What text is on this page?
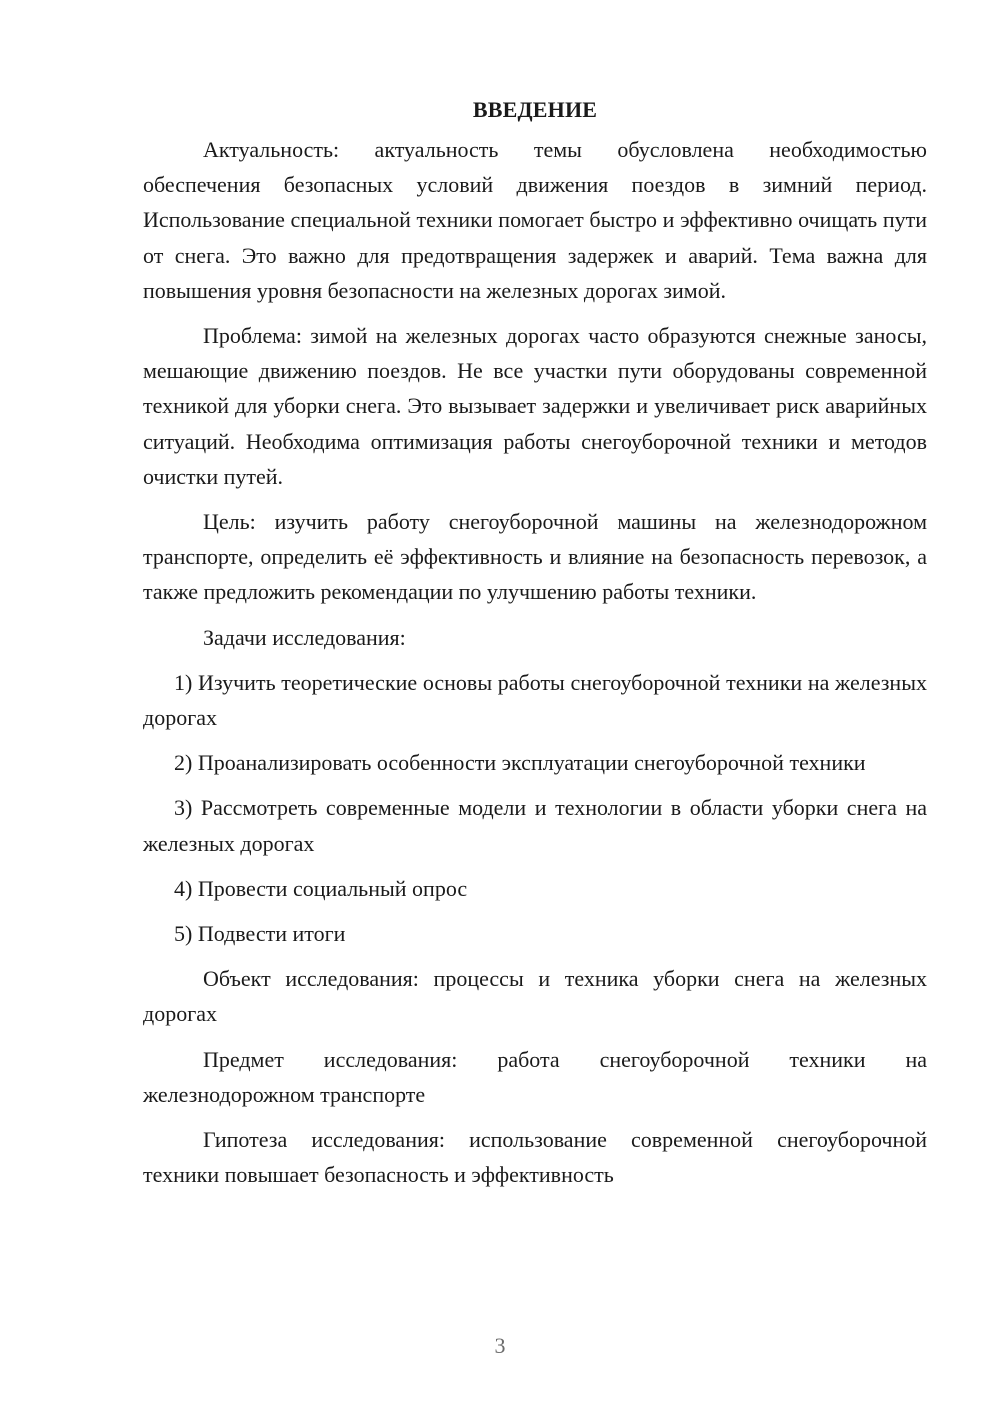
ВВЕДЕНИЕ

Актуальность: актуальность темы обусловлена необходимостью обеспечения безопасных условий движения поездов в зимний период. Использование специальной техники помогает быстро и эффективно очищать пути от снега. Это важно для предотвращения задержек и аварий. Тема важна для повышения уровня безопасности на железных дорогах зимой.

Проблема: зимой на железных дорогах часто образуются снежные заносы, мешающие движению поездов. Не все участки пути оборудованы современной техникой для уборки снега. Это вызывает задержки и увеличивает риск аварийных ситуаций. Необходима оптимизация работы снегоуборочной техники и методов очистки путей.

Цель: изучить работу снегоуборочной машины на железнодорожном транспорте, определить её эффективность и влияние на безопасность перевозок, а также предложить рекомендации по улучшению работы техники.

Задачи исследования:

1) Изучить теоретические основы работы снегоуборочной техники на железных дорогах

2) Проанализировать особенности эксплуатации снегоуборочной техники

3) Рассмотреть современные модели и технологии в области уборки снега на железных дорогах

4) Провести социальный опрос

5) Подвести итоги

Объект исследования: процессы и техника уборки снега на железных дорогах

Предмет исследования: работа снегоуборочной техники на железнодорожном транспорте

Гипотеза исследования: использование современной снегоуборочной техники повышает безопасность и эффективность

3
